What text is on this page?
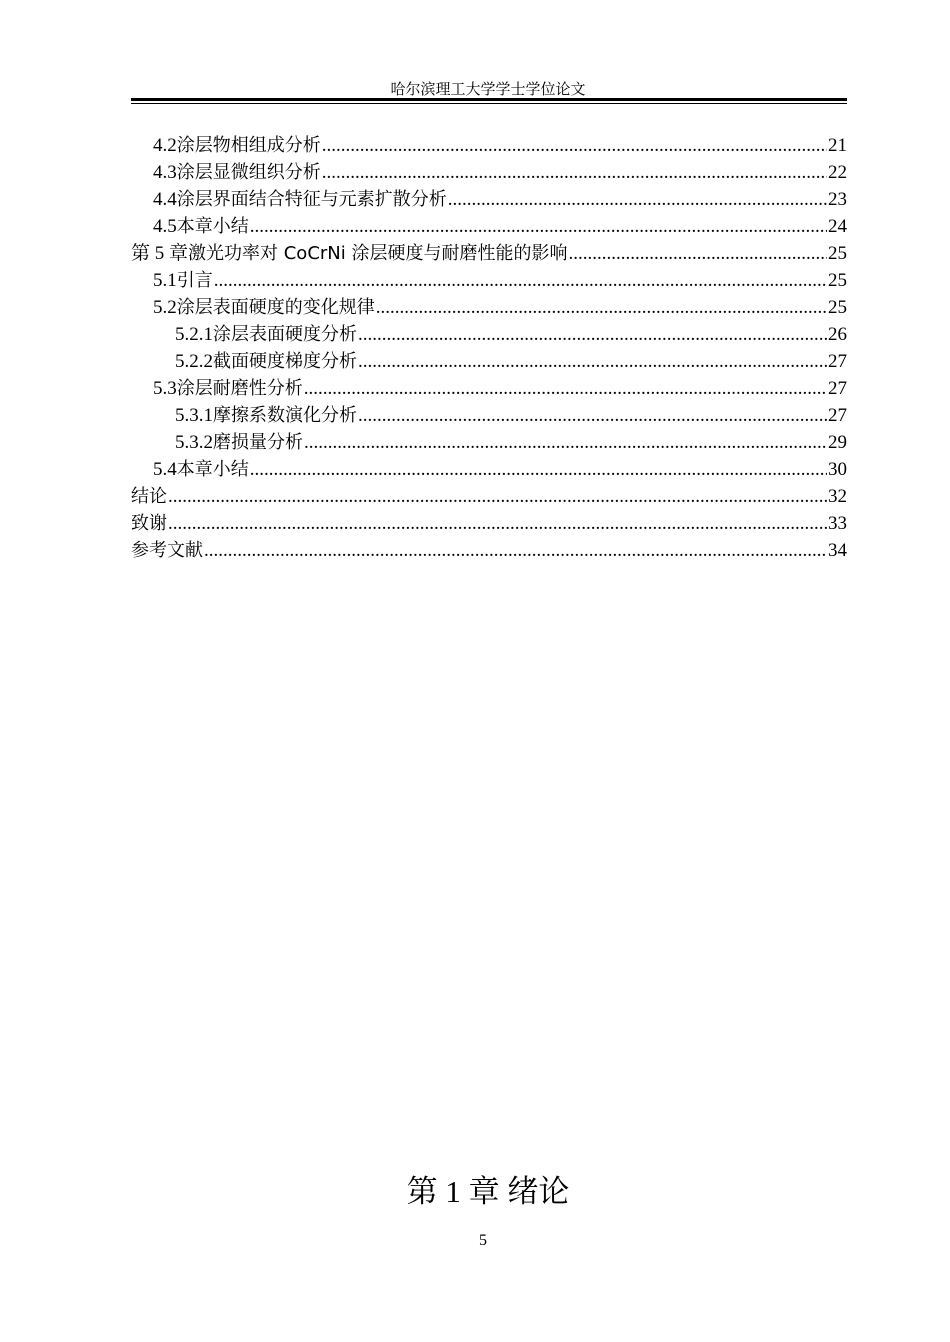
哈尔滨理工大学学士学位论文
4.2 涂层物相组成分析 .....	21
4.3 涂层显微组织分析 .....	22
4.4 涂层界面结合特征与元素扩散分析 .....	23
4.5 本章小结 .....	24
第 5 章 激光功率对 CoCrNi 涂层硬度与耐磨性能的影响 .....	25
5.1 引言 .....	25
5.2 涂层表面硬度的变化规律 .....	25
5.2.1 涂层表面硬度分析 .....	26
5.2.2 截面硬度梯度分析 .....	27
5.3 涂层耐磨性分析 .....	27
5.3.1 摩擦系数演化分析 .....	27
5.3.2 磨损量分析 .....	29
5.4 本章小结 .....	30
结论 .....	32
致谢 .....	33
参考文献 .....	34
第 1 章 绪论
5
